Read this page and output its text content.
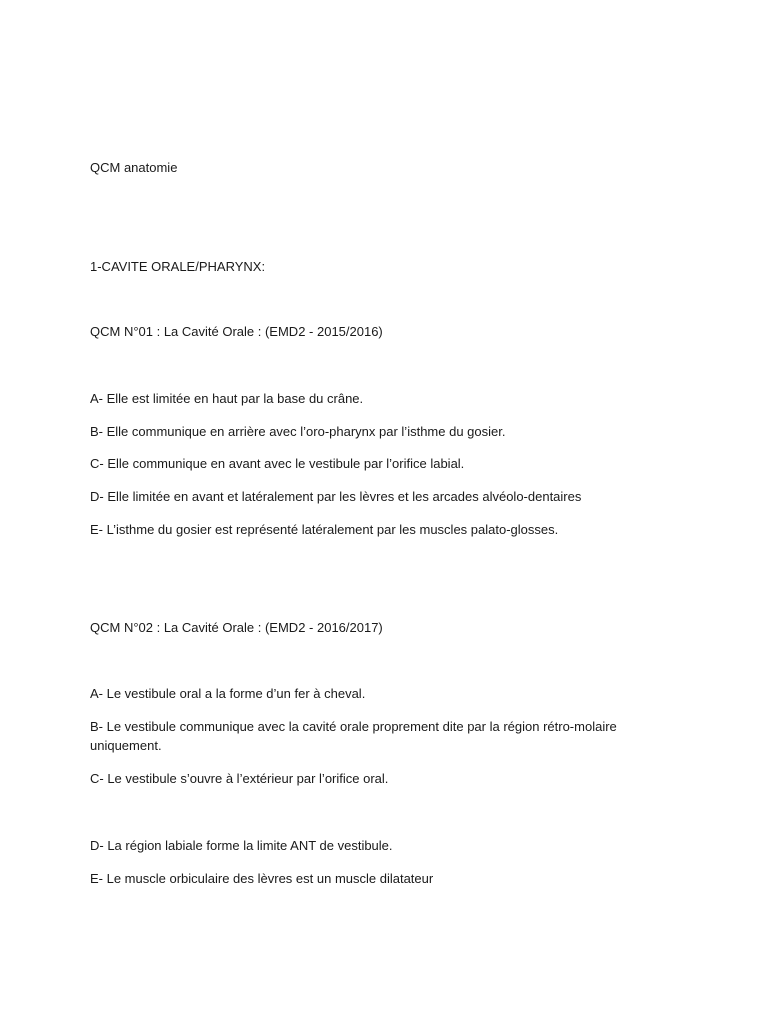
QCM anatomie

1-CAVITE ORALE/PHARYNX:

QCM N°01 : La Cavité Orale : (EMD2 - 2015/2016)

A- Elle est limitée en haut par la base du crâne.

B- Elle communique en arrière avec l’oro-pharynx par l’isthme du gosier.

C- Elle communique en avant avec le vestibule par l’orifice labial.

D- Elle limitée en avant et latéralement par les lèvres et les arcades alvéolo-dentaires

E- L’isthme du gosier est représenté latéralement par les muscles palato-glosses.

QCM N°02 : La Cavité Orale : (EMD2 - 2016/2017)

A- Le vestibule oral a la forme d’un fer à cheval.

B- Le vestibule communique avec la cavité orale proprement dite par la région rétro-molaire uniquement.

C- Le vestibule s’ouvre à l’extérieur par l’orifice oral.

D- La région labiale forme la limite ANT de vestibule.

E- Le muscle orbiculaire des lèvres est un muscle dilatateur
